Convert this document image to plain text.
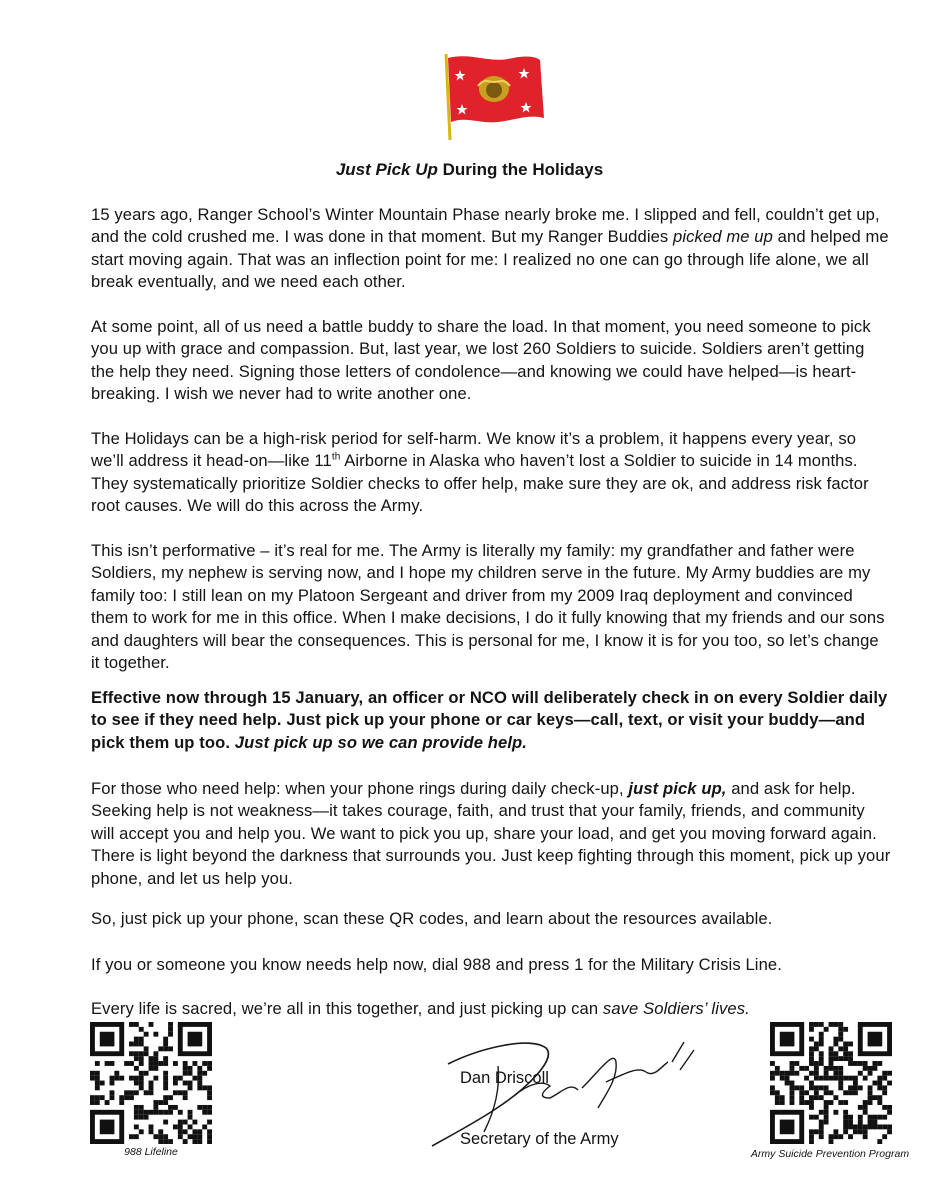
Just Pick Up During the Holidays

15 years ago, Ranger School’s Winter Mountain Phase nearly broke me. I slipped and fell, couldn’t get up, and the cold crushed me. I was done in that moment. But my Ranger Buddies picked me up and helped me start moving again. That was an inflection point for me: I realized no one can go through life alone, we all break eventually, and we need each other.

At some point, all of us need a battle buddy to share the load. In that moment, you need someone to pick you up with grace and compassion. But, last year, we lost 260 Soldiers to suicide. Soldiers aren’t getting the help they need. Signing those letters of condolence—and knowing we could have helped—is heart-breaking. I wish we never had to write another one.

The Holidays can be a high-risk period for self-harm. We know it’s a problem, it happens every year, so we’ll address it head-on—like 11th Airborne in Alaska who haven’t lost a Soldier to suicide in 14 months. They systematically prioritize Soldier checks to offer help, make sure they are ok, and address risk factor root causes. We will do this across the Army.

This isn’t performative – it’s real for me. The Army is literally my family: my grandfather and father were Soldiers, my nephew is serving now, and I hope my children serve in the future. My Army buddies are my family too: I still lean on my Platoon Sergeant and driver from my 2009 Iraq deployment and convinced them to work for me in this office. When I make decisions, I do it fully knowing that my friends and our sons and daughters will bear the consequences. This is personal for me, I know it is for you too, so let’s change it together.

Effective now through 15 January, an officer or NCO will deliberately check in on every Soldier daily to see if they need help. Just pick up your phone or car keys—call, text, or visit your buddy—and pick them up too. Just pick up so we can provide help.

For those who need help: when your phone rings during daily check-up, just pick up, and ask for help. Seeking help is not weakness—it takes courage, faith, and trust that your family, friends, and community will accept you and help you. We want to pick you up, share your load, and get you moving forward again. There is light beyond the darkness that surrounds you. Just keep fighting through this moment, pick up your phone, and let us help you.

So, just pick up your phone, scan these QR codes, and learn about the resources available.

If you or someone you know needs help now, dial 988 and press 1 for the Military Crisis Line.

Every life is sacred, we’re all in this together, and just picking up can save Soldiers’ lives.

988 Lifeline	Army Suicide Prevention Program
Dan Driscoll
Secretary of the Army
